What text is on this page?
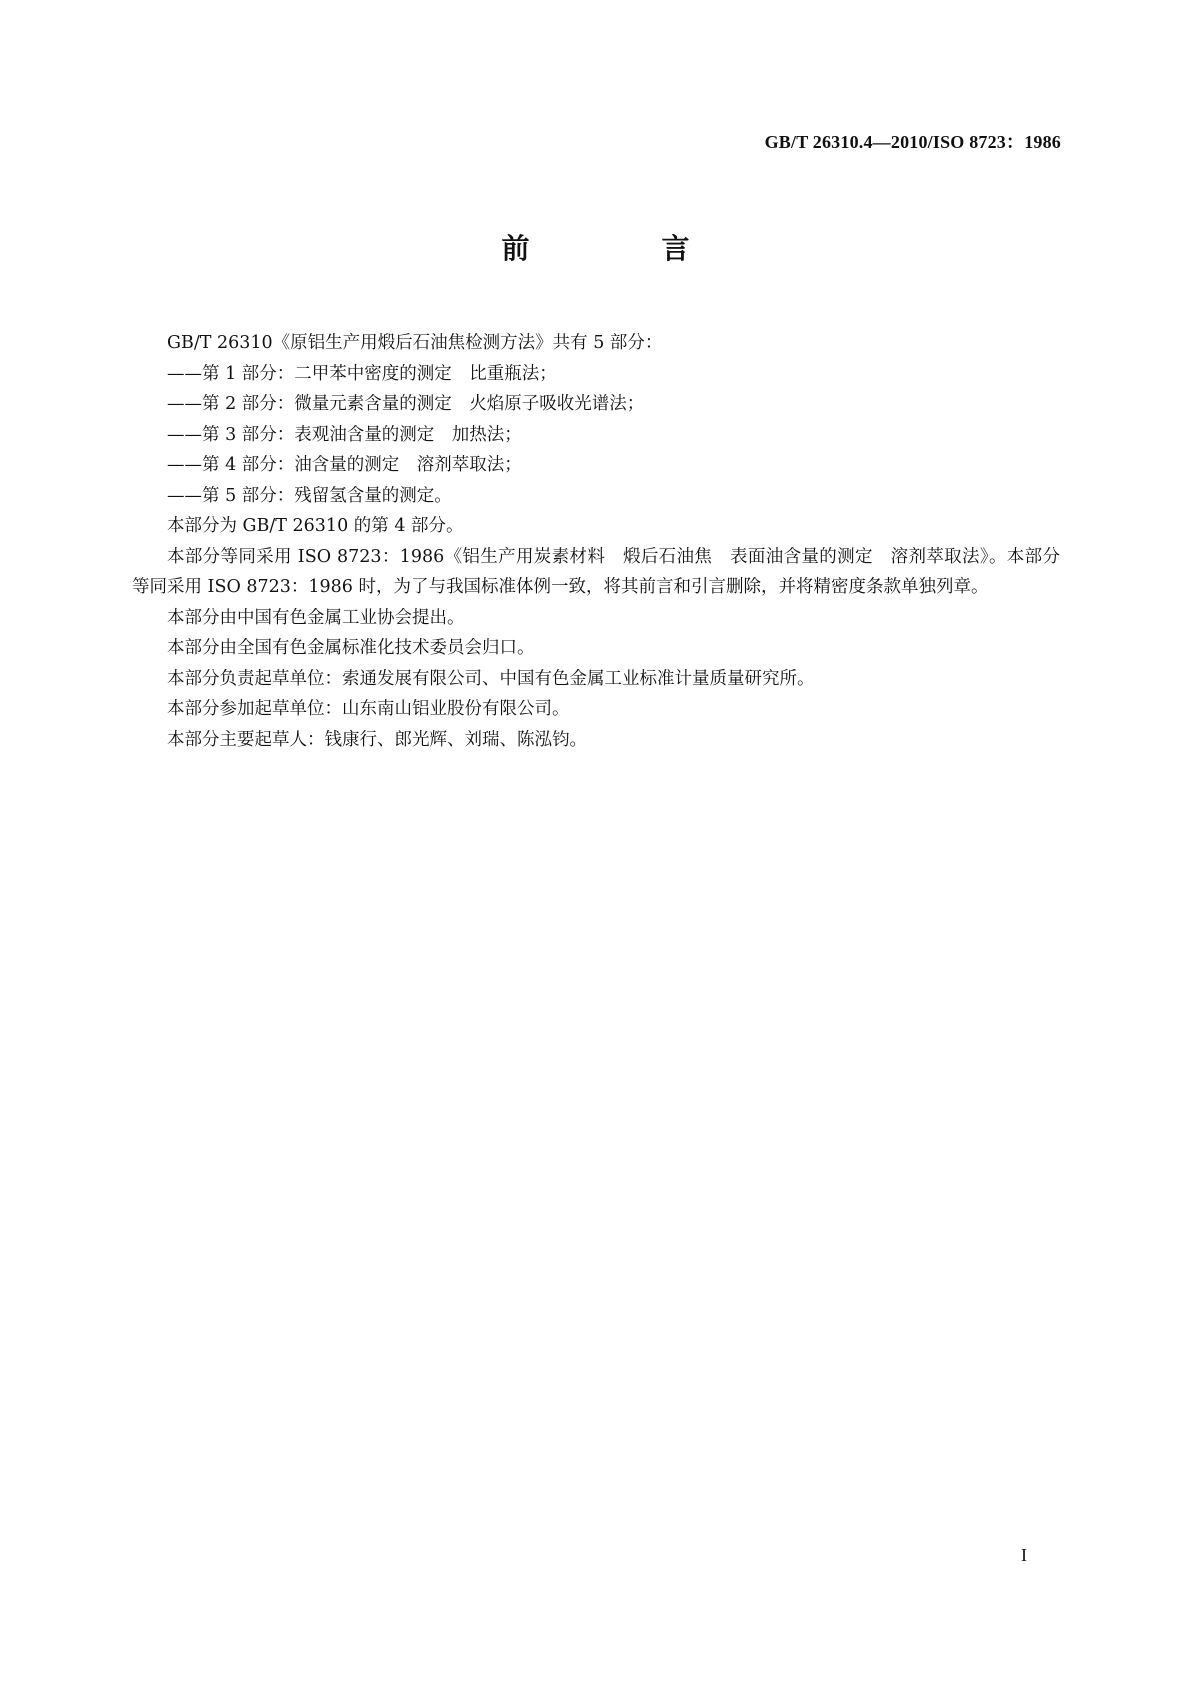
GB/T 26310.4—2010/ISO 8723：1986
前　言

GB/T 26310《原铝生产用煅后石油焦检测方法》共有 5 部分：

——第 1 部分：二甲苯中密度的测定　比重瓶法；

——第 2 部分：微量元素含量的测定　火焰原子吸收光谱法；

——第 3 部分：表观油含量的测定　加热法；

——第 4 部分：油含量的测定　溶剂萃取法；

——第 5 部分：残留氢含量的测定。

本部分为 GB/T 26310 的第 4 部分。

本部分等同采用 ISO 8723：1986《铝生产用炭素材料　煅后石油焦　表面油含量的测定　溶剂萃取法》。本部分等同采用 ISO 8723：1986 时，为了与我国标准体例一致，将其前言和引言删除，并将精密度条款单独列章。

本部分由中国有色金属工业协会提出。

本部分由全国有色金属标准化技术委员会归口。

本部分负责起草单位：索通发展有限公司、中国有色金属工业标准计量质量研究所。

本部分参加起草单位：山东南山铝业股份有限公司。

本部分主要起草人：钱康行、郎光辉、刘瑞、陈泓钧。

I
